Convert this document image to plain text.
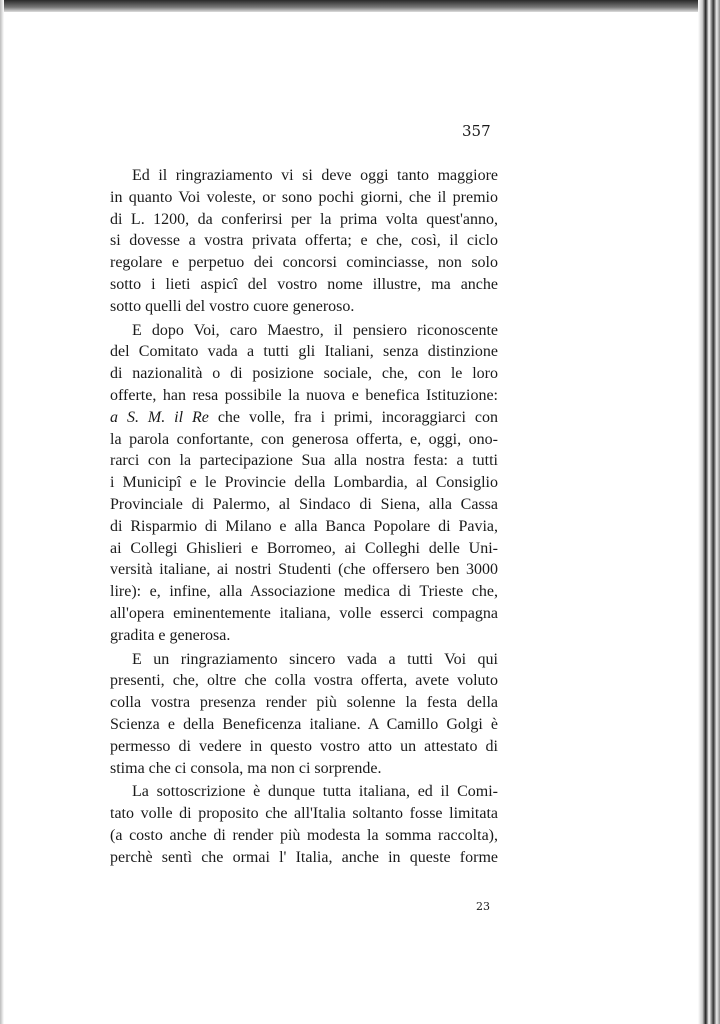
357
Ed il ringraziamento vi si deve oggi tanto maggiore
in quanto Voi voleste, or sono pochi giorni, che il premio
di L. 1200, da conferirsi per la prima volta quest'anno,
si dovesse a vostra privata offerta; e che, così, il ciclo
regolare e perpetuo dei concorsi cominciasse, non solo
sotto i lieti aspicî del vostro nome illustre, ma anche
sotto quelli del vostro cuore generoso.
E dopo Voi, caro Maestro, il pensiero riconoscente
del Comitato vada a tutti gli Italiani, senza distinzione
di nazionalità o di posizione sociale, che, con le loro
offerte, han resa possibile la nuova e benefica Istituzione:
a S. M. il Re che volle, fra i primi, incoraggiarci con
la parola confortante, con generosa offerta, e, oggi, ono-
rarci con la partecipazione Sua alla nostra festa: a tutti
i Municipî e le Provincie della Lombardia, al Consiglio
Provinciale di Palermo, al Sindaco di Siena, alla Cassa
di Risparmio di Milano e alla Banca Popolare di Pavia,
ai Collegi Ghislieri e Borromeo, ai Colleghi delle Uni-
versità italiane, ai nostri Studenti (che offersero ben 3000
lire): e, infine, alla Associazione medica di Trieste che,
all'opera eminentemente italiana, volle esserci compagna
gradita e generosa.
E un ringraziamento sincero vada a tutti Voi qui
presenti, che, oltre che colla vostra offerta, avete voluto
colla vostra presenza render più solenne la festa della
Scienza e della Beneficenza italiane. A Camillo Golgi è
permesso di vedere in questo vostro atto un attestato di
stima che ci consola, ma non ci sorprende.
La sottoscrizione è dunque tutta italiana, ed il Comi-
tato volle di proposito che all'Italia soltanto fosse limitata
(a costo anche di render più modesta la somma raccolta),
perchè sentì che ormai l' Italia, anche in queste forme
23
